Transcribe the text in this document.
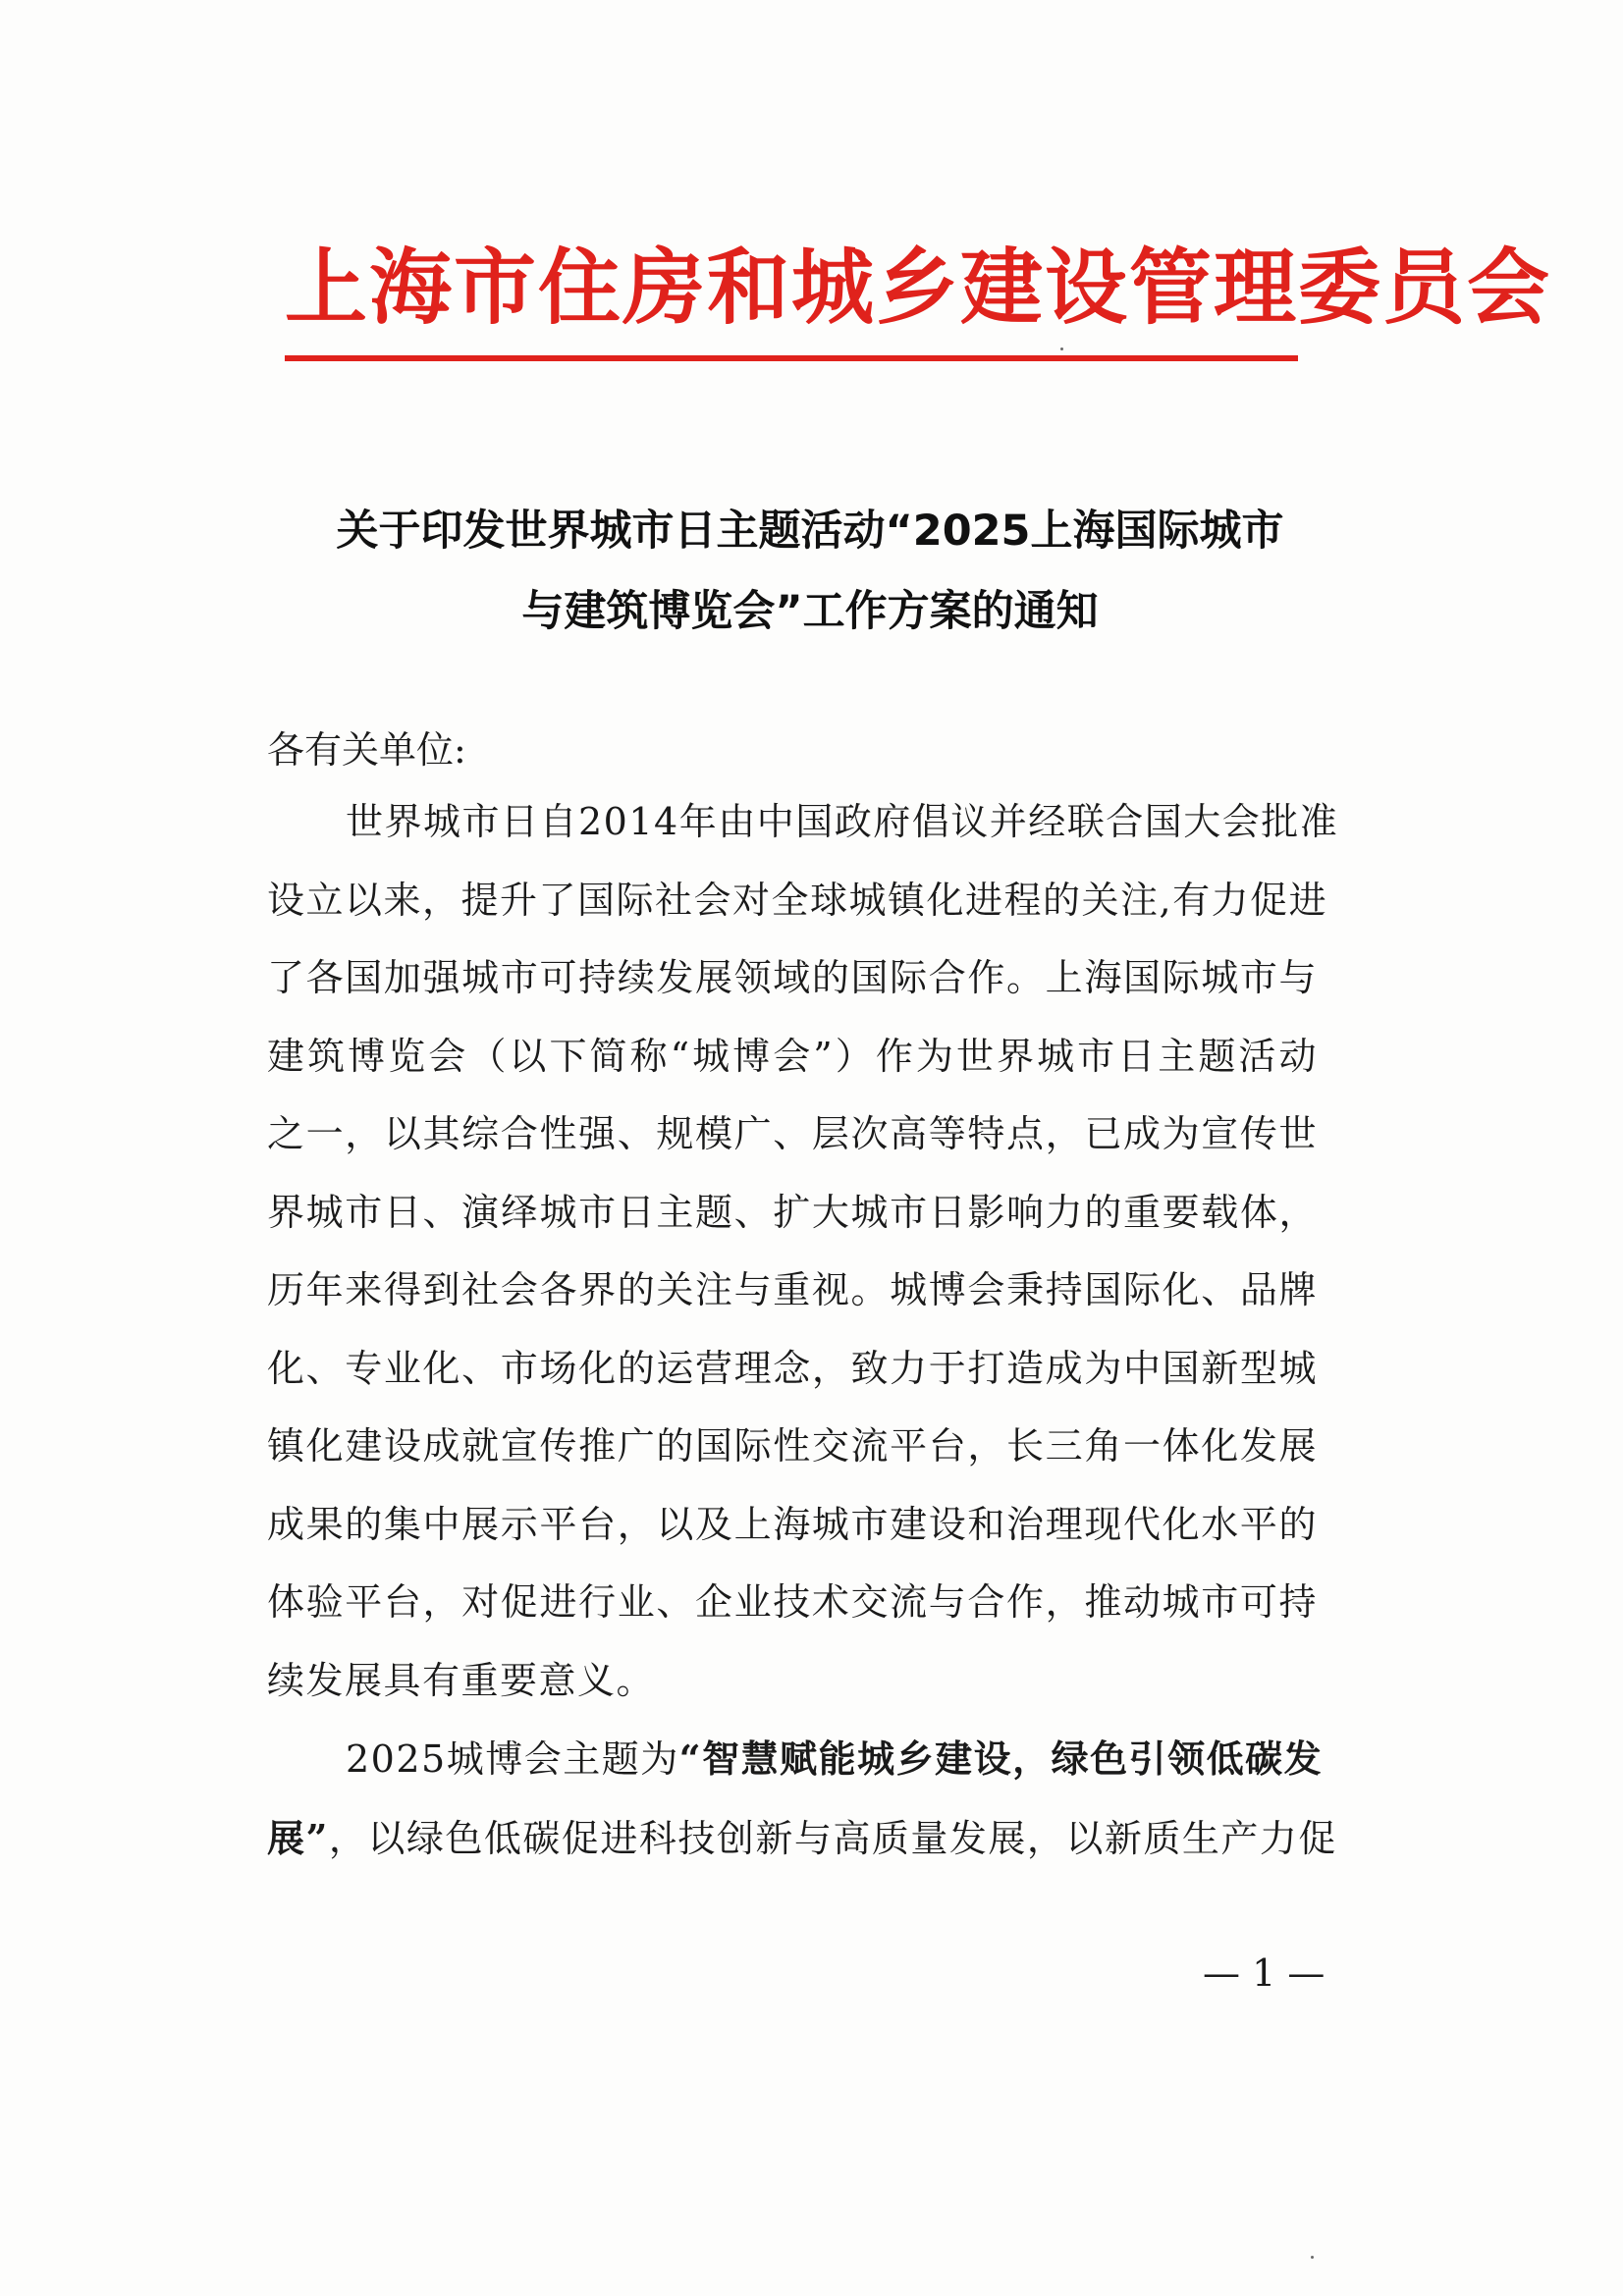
上海市住房和城乡建设管理委员会
关于印发世界城市日主题活动“2025上海国际城市
与建筑博览会”工作方案的通知
各有关单位:
世界城市日自2014年由中国政府倡议并经联合国大会批准
设立以来，提升了国际社会对全球城镇化进程的关注,有力促进
了各国加强城市可持续发展领域的国际合作。上海国际城市与
建筑博览会（以下简称“城博会”）作为世界城市日主题活动
之一，以其综合性强、规模广、层次高等特点，已成为宣传世
界城市日、演绎城市日主题、扩大城市日影响力的重要载体，
历年来得到社会各界的关注与重视。城博会秉持国际化、品牌
化、专业化、市场化的运营理念，致力于打造成为中国新型城
镇化建设成就宣传推广的国际性交流平台，长三角一体化发展
成果的集中展示平台，以及上海城市建设和治理现代化水平的
体验平台，对促进行业、企业技术交流与合作，推动城市可持
续发展具有重要意义。
2025城博会主题为“智慧赋能城乡建设，绿色引领低碳发
展”，以绿色低碳促进科技创新与高质量发展，以新质生产力促
— 1 —
